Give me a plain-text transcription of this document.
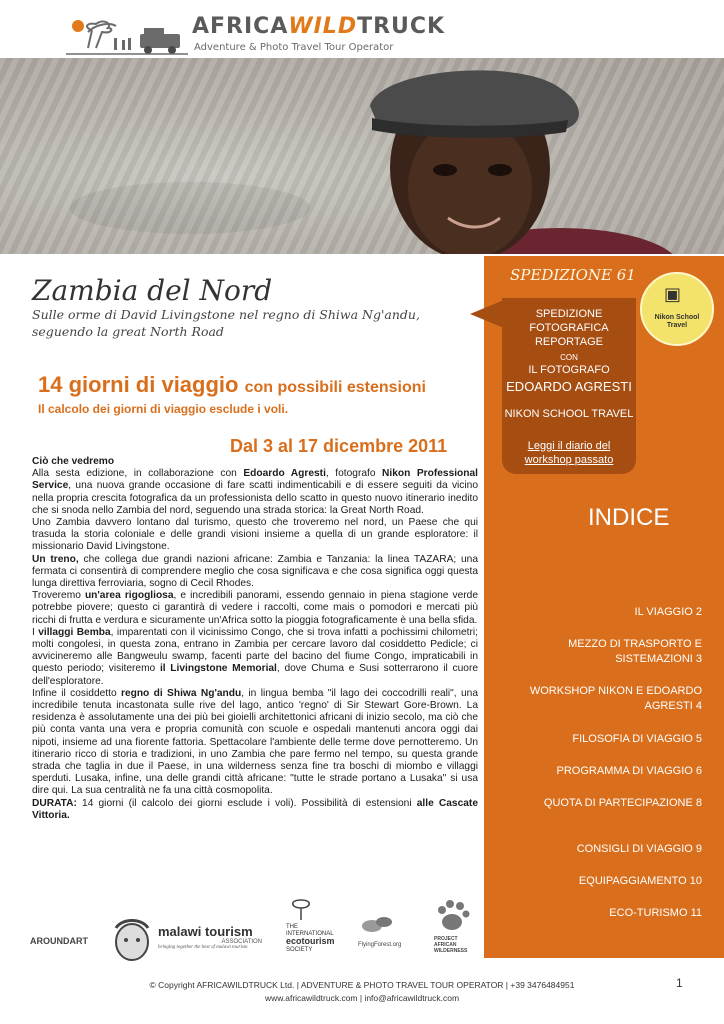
AFRICAWILDTRUCK
Adventure & Photo Travel Tour Operator
Zambia del Nord
Sulle orme di David Livingstone nel regno di Shiwa Ng'andu, seguendo la great North Road
SPEDIZIONE 61
▣
Nikon School
Travel
SPEDIZIONE
FOTOGRAFICA
REPORTAGE
CON
IL FOTOGRAFO
EDOARDO AGRESTI
NIKON SCHOOL TRAVEL
Leggi il diario del
workshop passato
14 giorni di viaggio con possibili estensioni
Il calcolo dei giorni di viaggio esclude i voli.
Dal 3 al 17 dicembre 2011

Ciò che vedremo

Alla sesta edizione, in collaborazione con Edoardo Agresti, fotografo Nikon Professional Service, una nuova grande occasione di fare scatti indimenticabili e di essere seguiti da vicino nella propria crescita fotografica da un professionista dello scatto in questo nuovo itinerario inedito che si snoda nello Zambia del nord, seguendo una strada storica: la Great North Road.

Uno Zambia davvero lontano dal turismo, questo che troveremo nel nord, un Paese che qui trasuda la storia coloniale e delle grandi visioni insieme a quella di un grande esploratore: il missionario David Livingstone.

Un treno, che collega due grandi nazioni africane: Zambia e Tanzania: la linea TAZARA; una fermata ci consentirà di comprendere meglio che cosa significava e che cosa significa oggi questa lunga direttiva ferroviaria, sogno di Cecil Rhodes.

Troveremo un'area rigogliosa, e incredibili panorami, essendo gennaio in piena stagione verde potrebbe piovere; questo ci garantirà di vedere i raccolti, come mais o pomodori e mercati più ricchi di frutta e verdura e sicuramente un'Africa sotto la pioggia fotograficamente è una bella sfida.

I villaggi Bemba, imparentati con il vicinissimo Congo, che si trova infatti a pochissimi chilometri; molti congolesi, in questa zona, entrano in Zambia per cercare lavoro dal cosiddetto Pedicle; ci avvicineremo alle Bangweulu swamp, facenti parte del bacino del fiume Congo, impraticabili in questo periodo; visiteremo il Livingstone Memorial, dove Chuma e Susi sotterrarono il cuore dell'esploratore.

Infine il cosiddetto regno di Shiwa Ng'andu, in lingua bemba "il lago dei coccodrilli reali", una incredibile tenuta incastonata sulle rive del lago, antico 'regno' di Sir Stewart Gore-Brown. La residenza è assolutamente una dei più bei gioielli architettonici africani di inizio secolo, ma ciò che più conta vanta una vera e propria comunità con scuole e ospedali mantenuti ancora oggi dai nipoti, insieme ad una fiorente fattoria. Spettacolare l'ambiente delle terme dove pernotteremo. Un itinerario ricco di storia e tradizioni, in uno Zambia che pare fermo nel tempo, su questa grande strada che taglia in due il Paese, in una wilderness senza fine tra boschi di miombo e villaggi sperduti. Lusaka, infine, una delle grandi città africane: "tutte le strade portano a Lusaka" si usa dire qui. La sua centralità ne fa una città cosmopolita.

DURATA: 14 giorni (il calcolo dei giorni esclude i voli). Possibilità di estensioni alle Cascate Vittoria.

INDICE
IL VIAGGIO 2
MEZZO DI TRASPORTO E SISTEMAZIONI 3
WORKSHOP NIKON E EDOARDO AGRESTI 4
FILOSOFIA DI VIAGGIO 5
PROGRAMMA DI VIAGGIO 6
QUOTA DI PARTECIPAZIONE 8
CONSIGLI DI VIAGGIO 9
EQUIPAGGIAMENTO 10
ECO-TURISMO 11
AROUNDART
malawi tourism
ASSOCIATION
bringing together the best of malawi tourism
THE
INTERNATIONAL
ecotourism
SOCIETY
FlyingForest.org
PROJECT
AFRICAN
WILDERNESS
© Copyright AFRICAWILDTRUCK Ltd. | ADVENTURE & PHOTO TRAVEL TOUR OPERATOR | +39 3476484951
www.africawildtruck.com | info@africawildtruck.com
1
